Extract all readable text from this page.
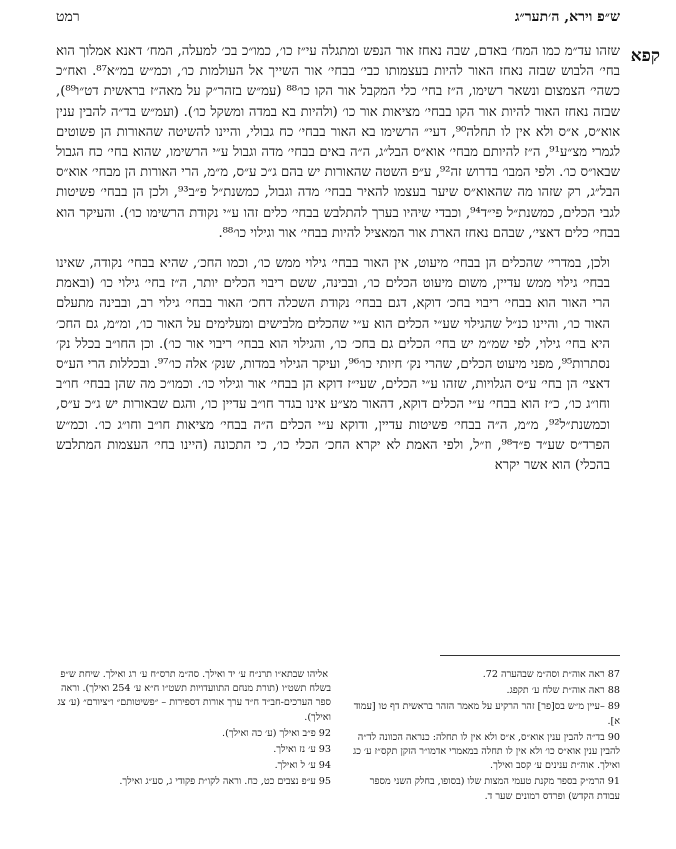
ש״פ וירא, ה׳תער״ג
רמט
קפא

שזהו עד״מ כמו המח׳ באדם, שבה נאחז אור הנפש ומתגלה עי״ז כו׳, כמו״כ בכ׳ למעלה, המח׳ דאנא אמלוך הוא בחי׳ הלבוש שבזה נאחז האור להיות בעצמותו כבי׳ בבחי׳ אור השייך אל העולמות כו׳, וכמ״ש במ״א⁸⁷. ואח״כ כשהי׳ הצמצום ונשאר רשימו, ה״ז בחי׳ כלי המקבל אור הקו כו׳⁸⁸ (עמ״ש בזהר״ק על מאה״ז בראשית דט״ו⁸⁹), שבזה נאחז האור להיות אור הקו בבחי׳ מציאות אור כו׳ (ולהיות בא במדה ומשקל כו׳). (ועמ״ש בד״ה להבין ענין אוא״ס, א״ס ולא אין לו תחלה⁹⁰, דעי״ הרשימו בא האור בבחי׳ כח גבולי, והיינו להשיטה שהאורות הן פשוטים לגמרי מצ״ע⁹¹, ה״ז להיותם מבחי׳ אוא״ס הבל״ג, ה״ה באים בבחי׳ מדה וגבול ע״י הרשימו, שהוא בחי׳ כח הגבול שבאו״ס כו׳. ולפי המבו׳ בדרוש זה⁹², ע״פ השטה שהאורות יש בהם ג״כ ע״ס, מ״מ, הרי האורות הן מבחי׳ אוא״ס הבל״ג, רק שזהו מה שהאוא״ס שיער בעצמו להאיר בבחי׳ מדה וגבול, כמשנת״ל פ״ב⁹³, ולכן הן בבחי׳ פשיטות לגבי הכלים, כמשנת״ל פי״ד⁹⁴, וכבדי שיהיו בערך להתלבש בבחי׳ כלים זהו ע״י נקודת הרשימו כו׳). והעיקר הוא בבחי׳ כלים דאצי׳, שבהם נאחז הארת אור המאציל להיות בבחי׳ אור וגילוי כו׳⁸⁸.

ולכן, במדרי׳ שהכלים הן בבחי׳ מיעוט, אין האור בבחי׳ גילוי ממש כו׳, וכמו החכ׳, שהיא בבחי׳ נקודה, שאינו בבחי׳ גילוי ממש עדיין, משום מיעוט הכלים כו׳, ובבינה, ששם ריבוי הכלים יותר, ה״ז בחי׳ גילוי כו׳ (ובאמת הרי האור הוא בבחי׳ ריבוי בחכ׳ דוקא, דגם בבחי׳ נקודת השכלה דחכ׳ האור בבחי׳ גילוי רב, ובבינה מתעלם האור כו׳, והיינו כנ״ל שהגילוי שע״י הכלים הוא ע״י שהכלים מלבישים ומעלימים על האור כו׳, ומ״מ, גם החכ׳ היא בחי׳ גילוי, לפי שמ״מ יש בחי׳ הכלים גם בחכ׳ כו׳, והגילוי הוא בבחי׳ ריבוי אור כו׳). וכן החו״ב בכלל נק׳ נסתרות⁹⁵, מפני מיעוט הכלים, שהרי נק׳ חיותי כו׳⁹⁶, ועיקר הגילוי במדות, שנק׳ אלה כו׳⁹⁷. ובכללות הרי הע״ס דאצי׳ הן בחי׳ ע״ס הגלויות, שזהו ע״י הכלים, שעי״ז דוקא הן בבחי׳ אור וגילוי כו׳. וכמו״כ מה שהן בבחי׳ חו״ב וחו״ג כו׳, כ״ז הוא בבחי׳ ע״י הכלים דוקא, דהאור מצ״ע אינו בגדר חו״ב עדיין כו׳, והגם שבאורות יש ג״כ ע״ס, וכמשנת״ל⁹², מ״מ, ה״ה בבחי׳ פשיטות עדיין, ודוקא ע״י הכלים ה״ה בבחי׳ מציאות חו״ב וחו״ג כו׳. וכמ״ש הפרד״ס שע״ד פ״ד⁹⁸, וז״ל, ולפי האמת לא יקרא החכ׳ הכלי כו׳, כי התכונה (היינו בחי׳ העצמות המתלבש בהכלי) הוא אשר יקרא

87ראה אוה״ת וסה״מ שבהערה 72.
88ראה אוה״ת שלח ע׳ תקפג.
89–עיין מ״ש בס[פר] זהר הרקיע על מאמר הזהר בראשית דף טו [עמוד א].
90בד״ה להבין ענין אוא״ס, א״ס ולא אין לו תחלה: כנראה הכוונה לד״ה להבין ענין אוא״ס כו׳ ולא אין לו תחלה במאמרי אדמו״ר הזקן תקס״ז ע׳ כג ואילך. אוה״ת ענינים ע׳ קסב ואילך.
91הרמ״ק בספר מקנת טעמי המצות שלו (בסופו, בחלק השני מספר עבודת הקדש) ופרדס רמונים שער ד.
אליהו שבתא״ו תרנ״ח ע׳ יד ואילך. סה״מ תרס״ח ע׳ רג ואילך. שיחת ש״פ בשלח תשט״ו (תורת מנחם התוועדויות תשט״ו ח״א ע׳ 254 ואילך). וראה ספר הערכים-חב״ד ח״ד ערך אורות דספירות – ״פשיטותם״ ו״ציורם״ (ע׳ צג ואילך).
92פ״ב ואילך (ע׳ כה ואילך).
93ע׳ נז ואילך.
94ע׳ ל ואילך.
95ע״פ נצבים כט, כח. וראה לקו״ת פקודי ג, סע״ג ואילך.
